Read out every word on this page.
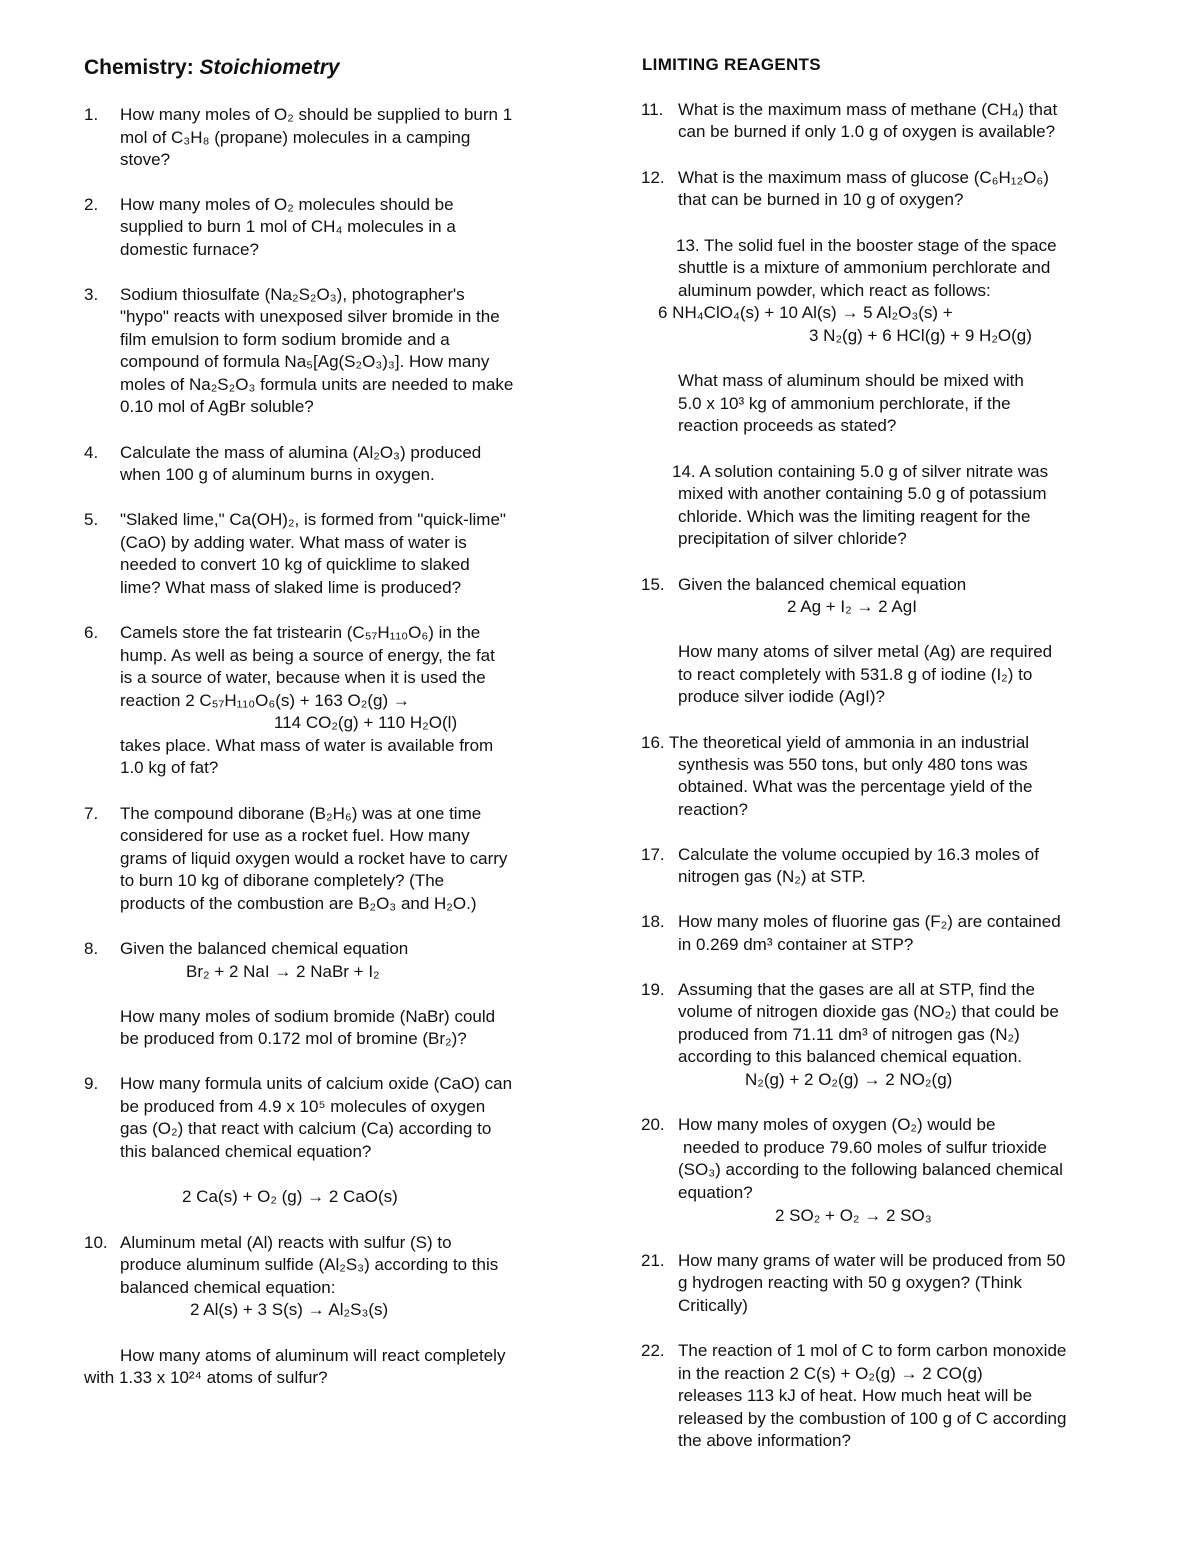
Chemistry: Stoichiometry
1.	How many moles of O₂ should be supplied to burn 1
mol of C₃H₈ (propane) molecules in a camping
stove?
2. How many moles of O₂ molecules should be
supplied to burn 1 mol of CH₄ molecules in a
domestic furnace?
3. Sodium thiosulfate (Na₂S₂O₃), photographer's
"hypo" reacts with unexposed silver bromide in the
film emulsion to form sodium bromide and a
compound of formula Na₅[Ag(S₂O₃)₃]. How many
moles of Na₂S₂O₃ formula units are needed to make
0.10 mol of AgBr soluble?
4. Calculate the mass of alumina (Al₂O₃) produced
when 100 g of aluminum burns in oxygen.
5. "Slaked lime," Ca(OH)₂, is formed from "quick-lime"
(CaO) by adding water. What mass of water is
needed to convert 10 kg of quicklime to slaked
lime? What mass of slaked lime is produced?
6. Camels store the fat tristearin (C₅₇H₁₁₀O₆) in the
hump. As well as being a source of energy, the fat
is a source of water, because when it is used the
reaction 2 C₅₇H₁₁₀O₆(s) + 163 O₂(g) →
114 CO₂(g) + 110 H₂O(l)
takes place. What mass of water is available from
1.0 kg of fat?
7. The compound diborane (B₂H₆) was at one time
considered for use as a rocket fuel. How many
grams of liquid oxygen would a rocket have to carry
to burn 10 kg of diborane completely? (The
products of the combustion are B₂O₃ and H₂O.)
8. Given the balanced chemical equation
Br₂ + 2 NaI → 2 NaBr + I₂
How many moles of sodium bromide (NaBr) could
be produced from 0.172 mol of bromine (Br₂)?
9. How many formula units of calcium oxide (CaO) can
be produced from 4.9 x 10⁵ molecules of oxygen
gas (O₂) that react with calcium (Ca) according to
this balanced chemical equation?
2 Ca(s) + O₂ (g) → 2 CaO(s)
10. Aluminum metal (Al) reacts with sulfur (S) to
produce aluminum sulfide (Al₂S₃) according to this
balanced chemical equation:
2 Al(s) + 3 S(s) → Al₂S₃(s)
How many atoms of aluminum will react completely
with 1.33 x 10²⁴ atoms of sulfur?
LIMITING REAGENTS
11. What is the maximum mass of methane (CH₄) that
can be burned if only 1.0 g of oxygen is available?
12. What is the maximum mass of glucose (C₆H₁₂O₆)
that can be burned in 10 g of oxygen?
13. The solid fuel in the booster stage of the space
shuttle is a mixture of ammonium perchlorate and
aluminum powder, which react as follows:
6 NH₄ClO₄(s) + 10 Al(s) → 5 Al₂O₃(s) +
3 N₂(g) + 6 HCl(g) + 9 H₂O(g)
What mass of aluminum should be mixed with
5.0 x 10³ kg of ammonium perchlorate, if the
reaction proceeds as stated?
14. A solution containing 5.0 g of silver nitrate was
mixed with another containing 5.0 g of potassium
chloride. Which was the limiting reagent for the
precipitation of silver chloride?
15. Given the balanced chemical equation
2 Ag + I₂ → 2 AgI
How many atoms of silver metal (Ag) are required
to react completely with 531.8 g of iodine (I₂) to
produce silver iodide (AgI)?
16. The theoretical yield of ammonia in an industrial
synthesis was 550 tons, but only 480 tons was
obtained. What was the percentage yield of the
reaction?
17. Calculate the volume occupied by 16.3 moles of
nitrogen gas (N₂) at STP.
18. How many moles of fluorine gas (F₂) are contained
in 0.269 dm³ container at STP?
19. Assuming that the gases are all at STP, find the
volume of nitrogen dioxide gas (NO₂) that could be
produced from 71.11 dm³ of nitrogen gas (N₂)
according to this balanced chemical equation.
N₂(g) + 2 O₂(g) → 2 NO₂(g)
20. How many moles of oxygen (O₂) would be
needed to produce 79.60 moles of sulfur trioxide
(SO₃) according to the following balanced chemical
equation?
2 SO₂ + O₂ → 2 SO₃
21. How many grams of water will be produced from 50
g hydrogen reacting with 50 g oxygen? (Think
Critically)
22. The reaction of 1 mol of C to form carbon monoxide
in the reaction 2 C(s) + O₂(g) → 2 CO(g)
releases 113 kJ of heat. How much heat will be
released by the combustion of 100 g of C according
the above information?
